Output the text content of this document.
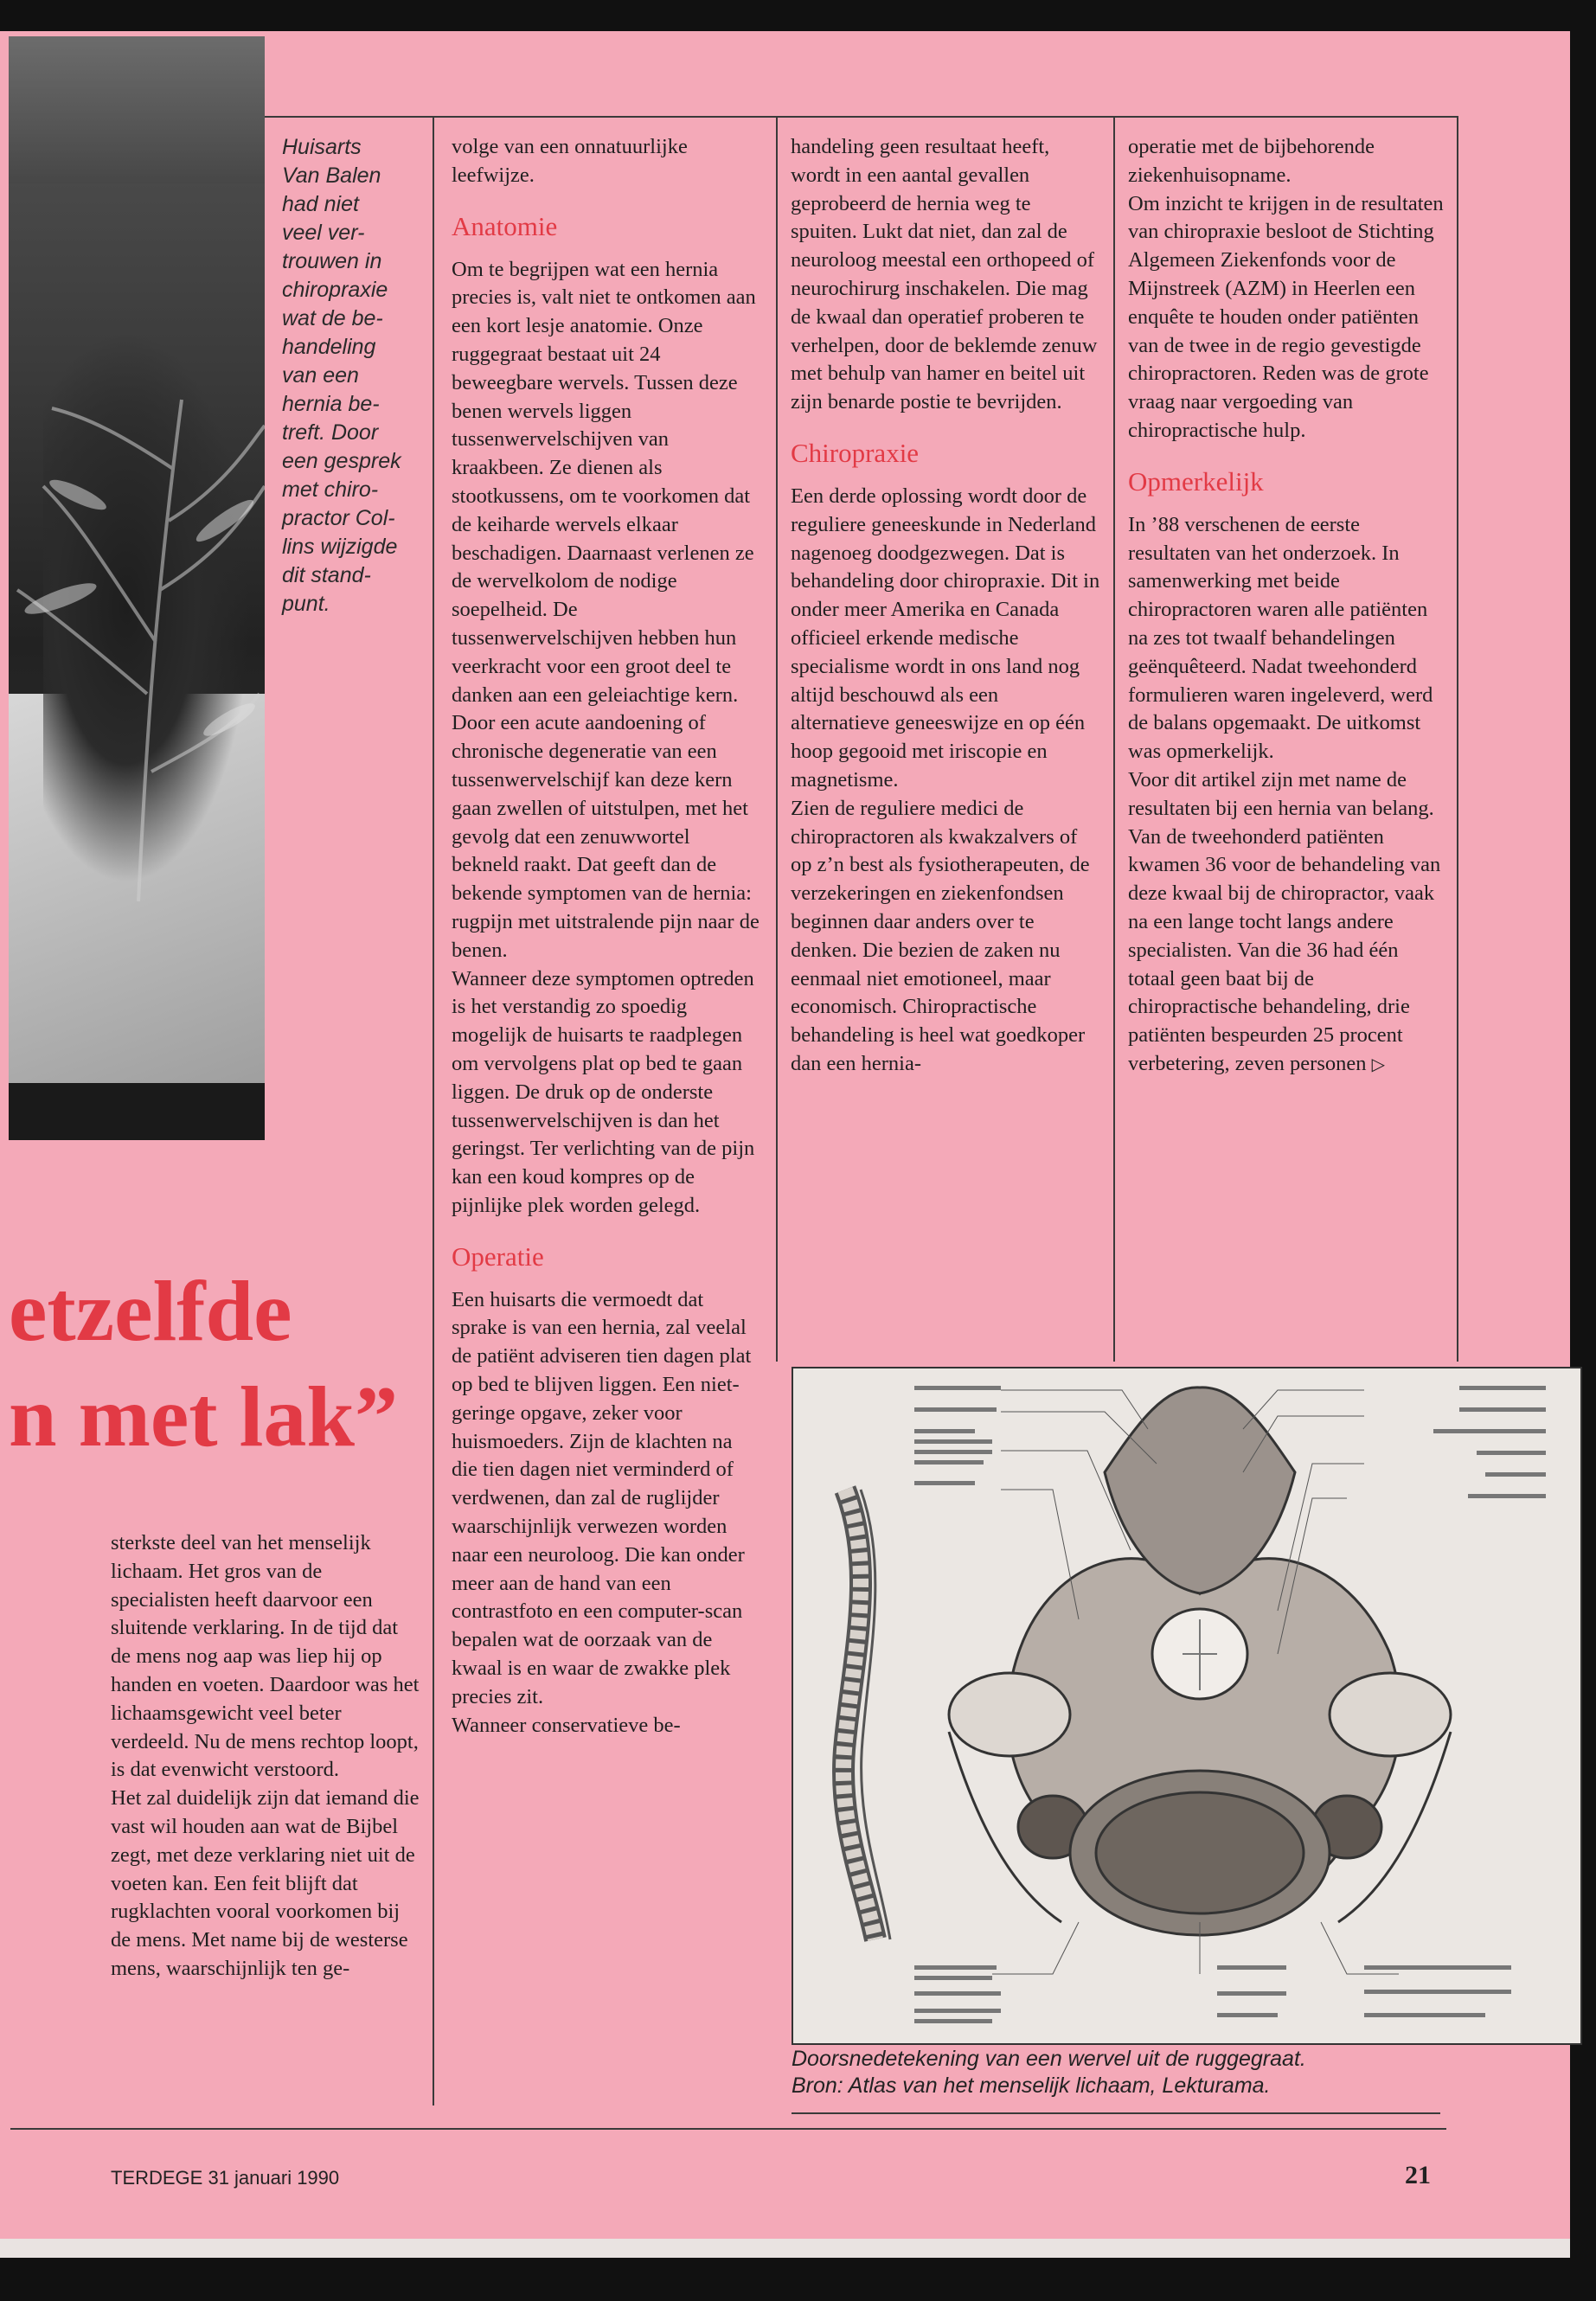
Huisarts
Van Balen
had niet
veel ver-
trouwen in
chiropraxie
wat de be-
handeling
van een
hernia be-
treft. Door
een gesprek
met chiro-
practor Col-
lins wijzigde
dit stand-
punt.
etzelfde
n met lak”

sterkste deel van het menselijk lichaam. Het gros van de specialisten heeft daarvoor een sluitende verklaring. In de tijd dat de mens nog aap was liep hij op handen en voeten. Daardoor was het lichaamsgewicht veel beter verdeeld. Nu de mens rechtop loopt, is dat evenwicht verstoord.

Het zal duidelijk zijn dat iemand die vast wil houden aan wat de Bijbel zegt, met deze verklaring niet uit de voeten kan. Een feit blijft dat rugklachten vooral voorkomen bij de mens. Met name bij de westerse mens, waarschijnlijk ten ge-

volge van een onnatuurlijke leefwijze.

Anatomie

Om te begrijpen wat een hernia precies is, valt niet te ontkomen aan een kort lesje anatomie. Onze ruggegraat bestaat uit 24 beweegbare wervels. Tussen deze benen wervels liggen tussenwervelschijven van kraakbeen. Ze dienen als stootkussens, om te voorkomen dat de keiharde wervels elkaar beschadigen. Daarnaast verlenen ze de wervelkolom de nodige soepelheid. De tussenwervelschijven hebben hun veerkracht voor een groot deel te danken aan een geleiachtige kern.

Door een acute aandoening of chronische degeneratie van een tussenwervelschijf kan deze kern gaan zwellen of uitstulpen, met het gevolg dat een zenuwwortel bekneld raakt. Dat geeft dan de bekende symptomen van de hernia: rugpijn met uitstralende pijn naar de benen.

Wanneer deze symptomen optreden is het verstandig zo spoedig mogelijk de huisarts te raadplegen om vervolgens plat op bed te gaan liggen. De druk op de onderste tussenwervelschijven is dan het geringst. Ter verlichting van de pijn kan een koud kompres op de pijnlijke plek worden gelegd.

Operatie

Een huisarts die vermoedt dat sprake is van een hernia, zal veelal de patiënt adviseren tien dagen plat op bed te blijven liggen. Een niet-geringe opgave, zeker voor huismoeders. Zijn de klachten na die tien dagen niet verminderd of verdwenen, dan zal de ruglijder waarschijnlijk verwezen worden naar een neuroloog. Die kan onder meer aan de hand van een contrastfoto en een computer-scan bepalen wat de oorzaak van de kwaal is en waar de zwakke plek precies zit.

Wanneer conservatieve be-

handeling geen resultaat heeft, wordt in een aantal gevallen geprobeerd de hernia weg te spuiten. Lukt dat niet, dan zal de neuroloog meestal een orthopeed of neurochirurg inschakelen. Die mag de kwaal dan operatief proberen te verhelpen, door de beklemde zenuw met behulp van hamer en beitel uit zijn benarde postie te bevrijden.

Chiropraxie

Een derde oplossing wordt door de reguliere geneeskunde in Nederland nagenoeg doodgezwegen. Dat is behandeling door chiropraxie. Dit in onder meer Amerika en Canada officieel erkende medische specialisme wordt in ons land nog altijd beschouwd als een alternatieve geneeswijze en op één hoop gegooid met iriscopie en magnetisme.

Zien de reguliere medici de chiropractoren als kwakzalvers of op z’n best als fysiotherapeuten, de verzekeringen en ziekenfondsen beginnen daar anders over te denken. Die bezien de zaken nu eenmaal niet emotioneel, maar economisch. Chiropractische behandeling is heel wat goedkoper dan een hernia-

operatie met de bijbehorende ziekenhuisopname.

Om inzicht te krijgen in de resultaten van chiropraxie besloot de Stichting Algemeen Ziekenfonds voor de Mijnstreek (AZM) in Heerlen een enquête te houden onder patiënten van de twee in de regio gevestigde chiropractoren. Reden was de grote vraag naar vergoeding van chiropractische hulp.

Opmerkelijk

In ’88 verschenen de eerste resultaten van het onderzoek. In samenwerking met beide chiropractoren waren alle patiënten na zes tot twaalf behandelingen geënquêteerd. Nadat tweehonderd formulieren waren ingeleverd, werd de balans opgemaakt. De uitkomst was opmerkelijk.

Voor dit artikel zijn met name de resultaten bij een hernia van belang. Van de tweehonderd patiënten kwamen 36 voor de behandeling van deze kwaal bij de chiropractor, vaak na een lange tocht langs andere specialisten. Van die 36 had één totaal geen baat bij de chiropractische behandeling, drie patiënten bespeurden 25 procent verbetering, zeven personen ▷

Doorsnedetekening van een wervel uit de ruggegraat.
Bron: Atlas van het menselijk lichaam, Lekturama.
TERDEGE 31 januari 1990	21
